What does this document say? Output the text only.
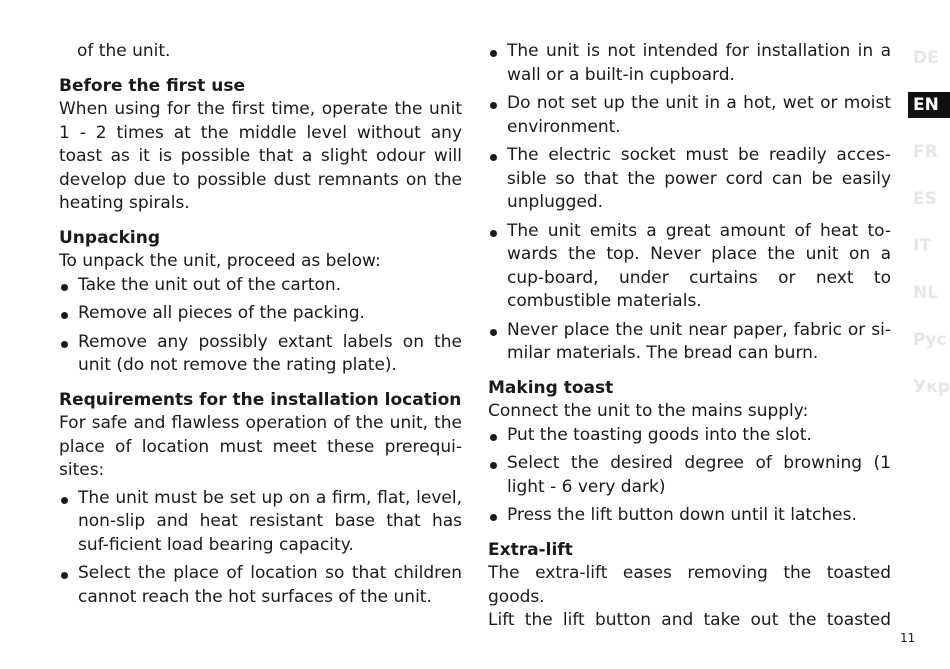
of the unit.

Before the first use

When using for the first time, operate the unit 1 - 2 times at the middle level without any toast as it is possible that a slight odour will develop due to possible dust remnants on the heating spirals.

Unpacking

To unpack the unit, proceed as below:

Take the unit out of the carton.
Remove all pieces of the packing.
Remove any possibly extant labels on the unit (do not remove the rating plate).
Requirements for the installation location

For safe and flawless operation of the unit, the place of location must meet these prerequi-sites:

The unit must be set up on a firm, flat, level, non-slip and heat resistant base that has suf-ficient load bearing capacity.
Select the place of location so that children cannot reach the hot surfaces of the unit.
The unit is not intended for installation in a wall or a built-in cupboard.
Do not set up the unit in a hot, wet or moist environment.
The electric socket must be readily acces-sible so that the power cord can be easily unplugged.
The unit emits a great amount of heat to-wards the top. Never place the unit on a cup-board, under curtains or next to combustible materials.
Never place the unit near paper, fabric or si-milar materials. The bread can burn.
Making toast

Connect the unit to the mains supply:

Put the toasting goods into the slot.
Select the desired degree of browning (1 light - 6 very dark)
Press the lift button down until it latches.
Extra-lift

The extra-lift eases removing the toasted goods.

Lift the lift button and take out the toasted

DE
EN
FR
ES
IT
NL
Рус
Укр
11
